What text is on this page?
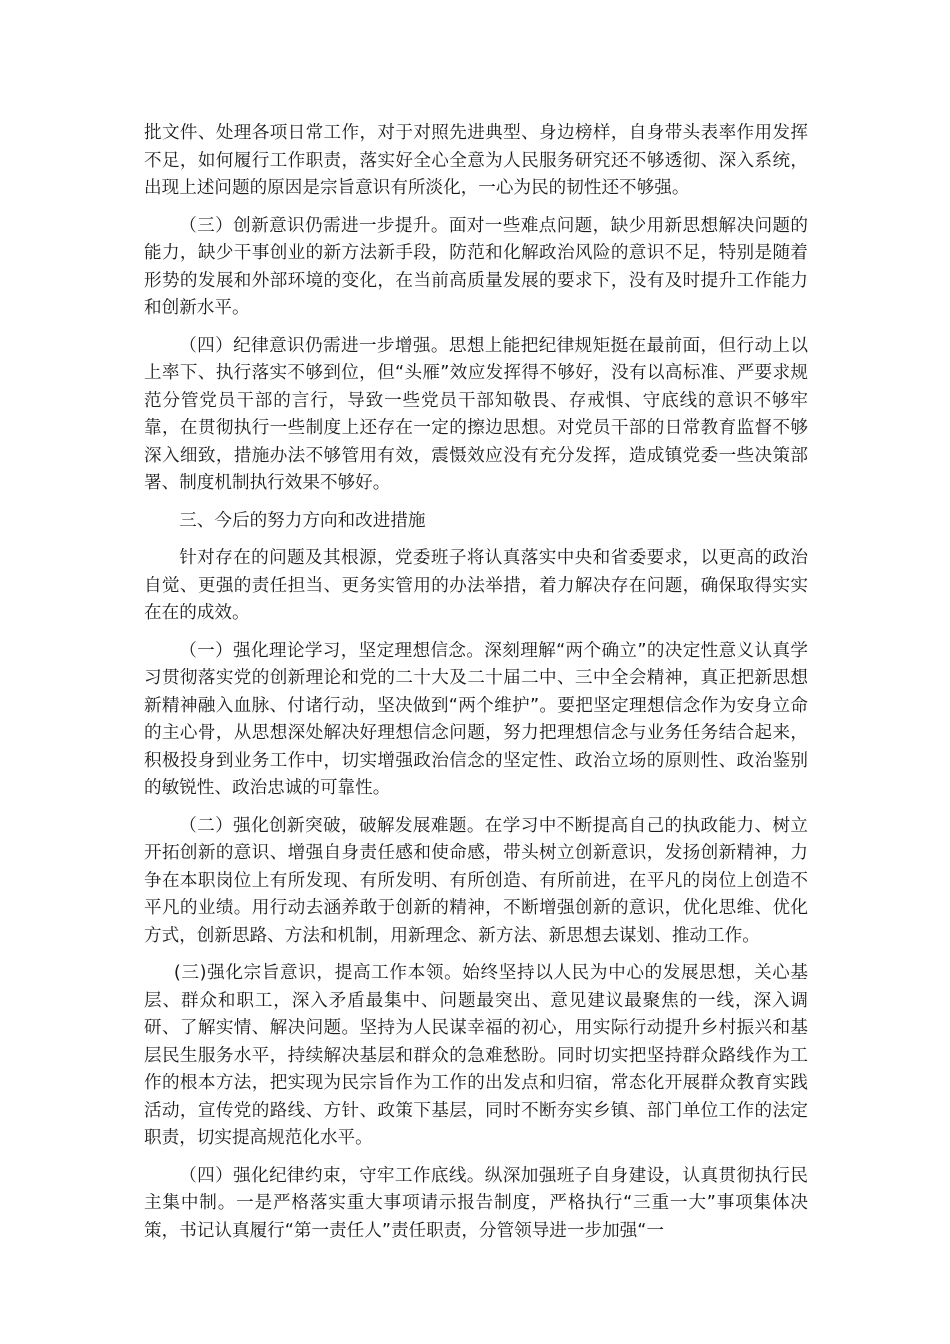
批文件、处理各项日常工作，对于对照先进典型、身边榜样，自身带头表率作用发挥不足，如何履行工作职责，落实好全心全意为人民服务研究还不够透彻、深入系统，出现上述问题的原因是宗旨意识有所淡化，一心为民的韧性还不够强。

（三）创新意识仍需进一步提升。面对一些难点问题，缺少用新思想解决问题的能力，缺少干事创业的新方法新手段，防范和化解政治风险的意识不足，特别是随着形势的发展和外部环境的变化，在当前高质量发展的要求下，没有及时提升工作能力和创新水平。

（四）纪律意识仍需进一步增强。思想上能把纪律规矩挺在最前面，但行动上以上率下、执行落实不够到位，但“头雁”效应发挥得不够好，没有以高标准、严要求规范分管党员干部的言行，导致一些党员干部知敬畏、存戒惧、守底线的意识不够牢靠，在贯彻执行一些制度上还存在一定的擦边思想。对党员干部的日常教育监督不够深入细致，措施办法不够管用有效，震慑效应没有充分发挥，造成镇党委一些决策部署、制度机制执行效果不够好。

三、今后的努力方向和改进措施

针对存在的问题及其根源，党委班子将认真落实中央和省委要求，以更高的政治自觉、更强的责任担当、更务实管用的办法举措，着力解决存在问题，确保取得实实在在的成效。

（一）强化理论学习，坚定理想信念。深刻理解“两个确立”的决定性意义认真学习贯彻落实党的创新理论和党的二十大及二十届二中、三中全会精神，真正把新思想新精神融入血脉、付诸行动，坚决做到“两个维护”。要把坚定理想信念作为安身立命的主心骨，从思想深处解决好理想信念问题，努力把理想信念与业务任务结合起来，积极投身到业务工作中，切实增强政治信念的坚定性、政治立场的原则性、政治鉴别的敏锐性、政治忠诚的可靠性。

（二）强化创新突破，破解发展难题。在学习中不断提高自己的执政能力、树立开拓创新的意识、增强自身责任感和使命感，带头树立创新意识，发扬创新精神，力争在本职岗位上有所发现、有所发明、有所创造、有所前进，在平凡的岗位上创造不平凡的业绩。用行动去涵养敢于创新的精神，不断增强创新的意识，优化思维、优化方式，创新思路、方法和机制，用新理念、新方法、新思想去谋划、推动工作。

(三)强化宗旨意识，提高工作本领。始终坚持以人民为中心的发展思想，关心基层、群众和职工，深入矛盾最集中、问题最突出、意见建议最聚焦的一线，深入调研、了解实情、解决问题。坚持为人民谋幸福的初心，用实际行动提升乡村振兴和基层民生服务水平，持续解决基层和群众的急难愁盼。同时切实把坚持群众路线作为工作的根本方法，把实现为民宗旨作为工作的出发点和归宿，常态化开展群众教育实践活动，宣传党的路线、方针、政策下基层，同时不断夯实乡镇、部门单位工作的法定职责，切实提高规范化水平。

（四）强化纪律约束，守牢工作底线。纵深加强班子自身建设，认真贯彻执行民主集中制。一是严格落实重大事项请示报告制度，严格执行“三重一大”事项集体决策，书记认真履行“第一责任人”责任职责，分管领导进一步加强“一
